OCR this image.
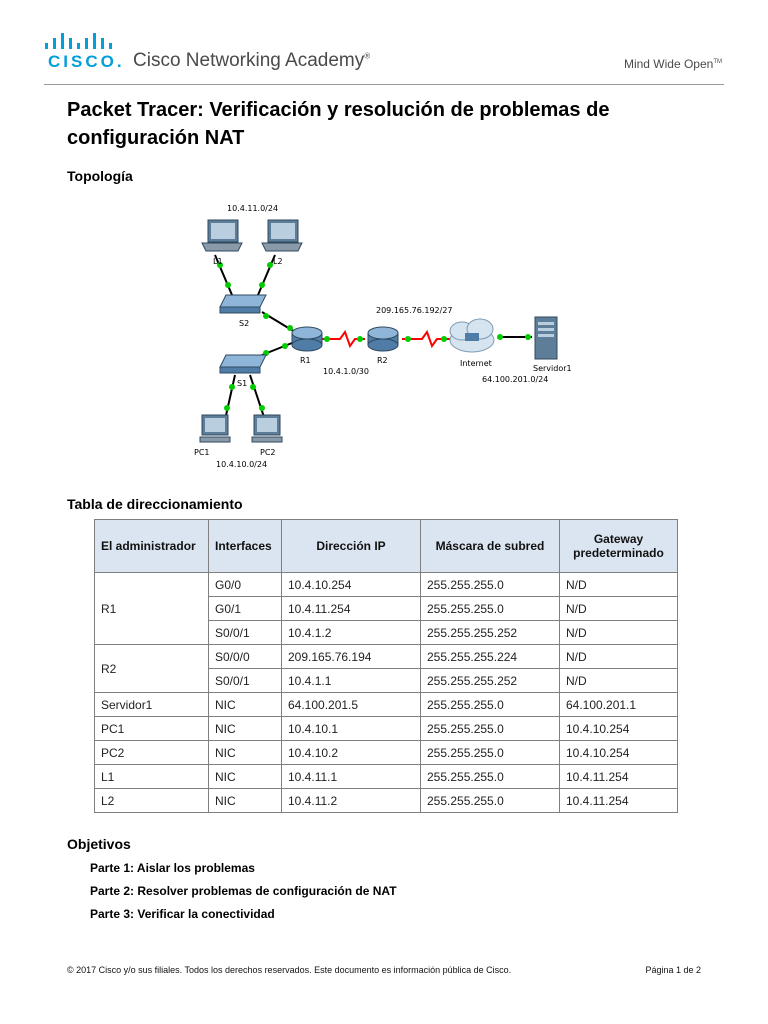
CISCO. Cisco Networking Academy®
Mind Wide Open™
Packet Tracer: Verificación y resolución de problemas de configuración NAT
Topología
10.4.11.0/24
L1	L2
S2
S1
R1	R2
10.4.1.0/30
209.165.76.192/27
Internet
Servidor1
64.100.201.0/24
PC1	PC2
10.4.10.0/24
Tabla de direccionamiento
El administrador	Interfaces	Dirección IP	Máscara de subred	Gateway predeterminado
R1	G0/0	10.4.10.254	255.255.255.0	N/D
	G0/1	10.4.11.254	255.255.255.0	N/D
	S0/0/1	10.4.1.2	255.255.255.252	N/D
R2	S0/0/0	209.165.76.194	255.255.255.224	N/D
	S0/0/1	10.4.1.1	255.255.255.252	N/D
Servidor1	NIC	64.100.201.5	255.255.255.0	64.100.201.1
PC1	NIC	10.4.10.1	255.255.255.0	10.4.10.254
PC2	NIC	10.4.10.2	255.255.255.0	10.4.10.254
L1	NIC	10.4.11.1	255.255.255.0	10.4.11.254
L2	NIC	10.4.11.2	255.255.255.0	10.4.11.254
Objetivos
Parte 1: Aislar los problemas
Parte 2: Resolver problemas de configuración de NAT
Parte 3: Verificar la conectividad
© 2017 Cisco y/o sus filiales. Todos los derechos reservados. Este documento es información pública de Cisco.	Página 1 de 2
